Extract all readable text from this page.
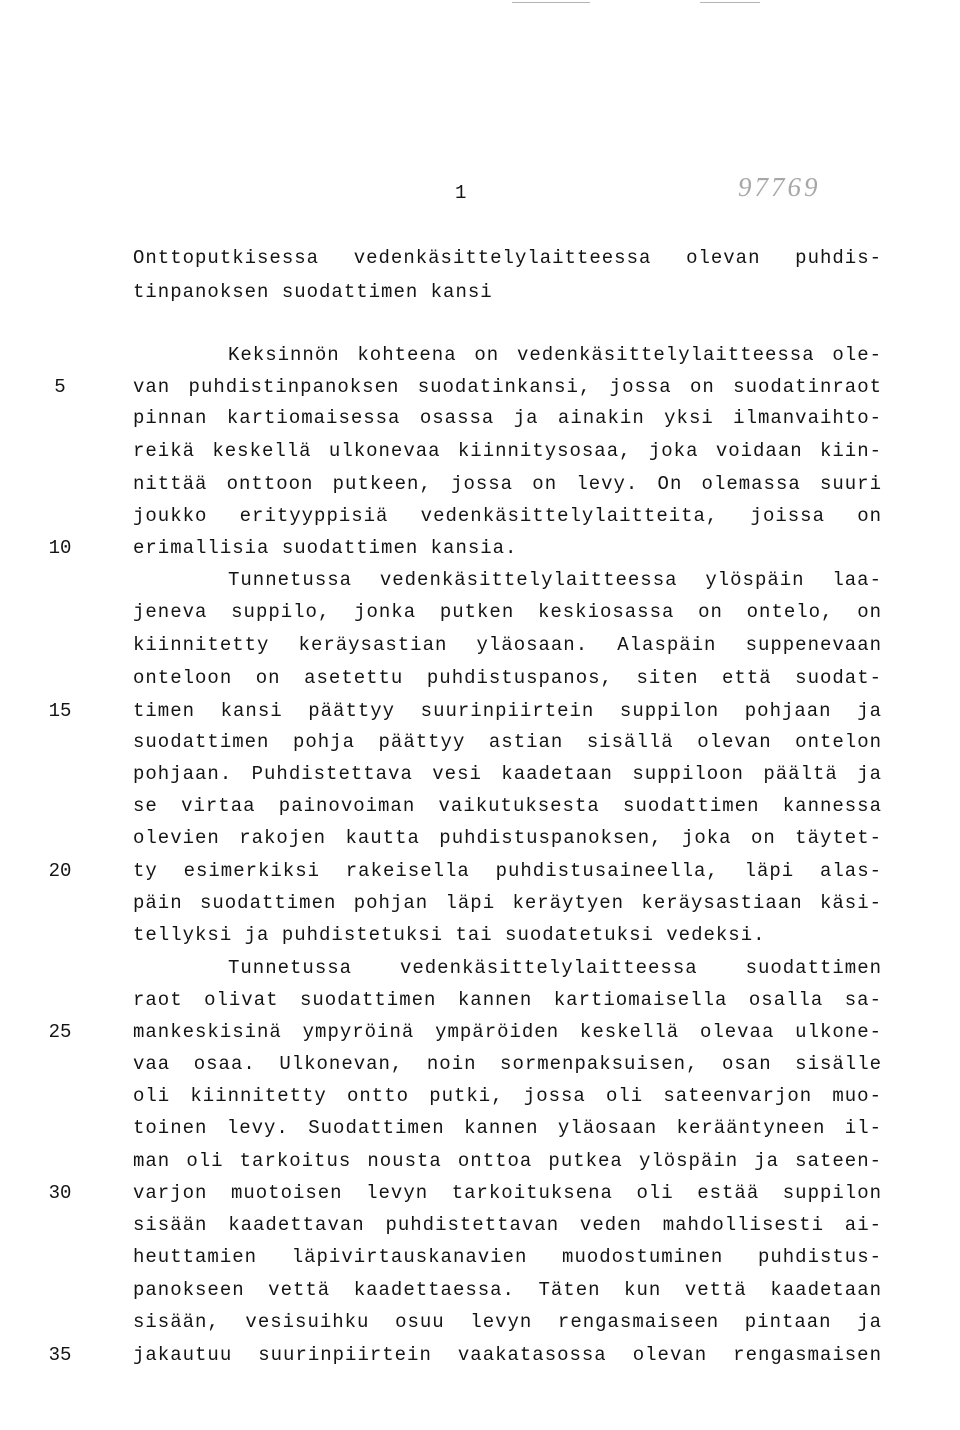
1	97769
Onttoputkisessa vedenkäsittelylaitteessa olevan puhdis-
tinpanoksen suodattimen kansi
Keksinnön kohteena on vedenkäsittelylaitteessa ole-
van puhdistinpanoksen suodatinkansi, jossa on suodatinraot
pinnan kartiomaisessa osassa ja ainakin yksi ilmanvaihto-
reikä keskellä ulkonevaa kiinnitysosaa, joka voidaan kiin-
nittää onttoon putkeen, jossa on levy. On olemassa suuri
joukko erityyppisiä vedenkäsittelylaitteita, joissa on
erimallisia suodattimen kansia.
Tunnetussa vedenkäsittelylaitteessa ylöspäin laa-
jeneva suppilo, jonka putken keskiosassa on ontelo, on
kiinnitetty keräysastian yläosaan. Alaspäin suppenevaan
onteloon on asetettu puhdistuspanos, siten että suodat-
timen kansi päättyy suurinpiirtein suppilon pohjaan ja
suodattimen pohja päättyy astian sisällä olevan ontelon
pohjaan. Puhdistettava vesi kaadetaan suppiloon päältä ja
se virtaa painovoiman vaikutuksesta suodattimen kannessa
olevien rakojen kautta puhdistuspanoksen, joka on täytet-
ty esimerkiksi rakeisella puhdistusaineella, läpi alas-
päin suodattimen pohjan läpi keräytyen keräysastiaan käsi-
tellyksi ja puhdistetuksi tai suodatetuksi vedeksi.
Tunnetussa vedenkäsittelylaitteessa suodattimen
raot olivat suodattimen kannen kartiomaisella osalla sa-
mankeskisinä ympyröinä ympäröiden keskellä olevaa ulkone-
vaa osaa. Ulkonevan, noin sormenpaksuisen, osan sisälle
oli kiinnitetty ontto putki, jossa oli sateenvarjon muo-
toinen levy. Suodattimen kannen yläosaan kerääntyneen il-
man oli tarkoitus nousta onttoa putkea ylöspäin ja sateen-
varjon muotoisen levyn tarkoituksena oli estää suppilon
sisään kaadettavan puhdistettavan veden mahdollisesti ai-
heuttamien läpivirtauskanavien muodostuminen puhdistus-
panokseen vettä kaadettaessa. Täten kun vettä kaadetaan
sisään, vesisuihku osuu levyn rengasmaiseen pintaan ja
jakautuu suurinpiirtein vaakatasossa olevan rengasmaisen
5
10
15
20
25
30
35
